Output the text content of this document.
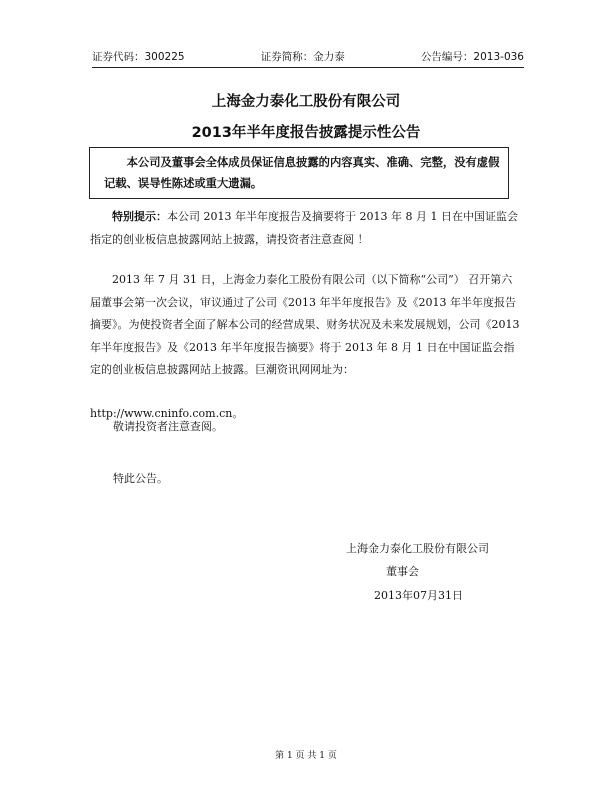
证券代码：300225	证券简称：金力泰	公告编号：2013-036
上海金力泰化工股份有限公司
2013年半年度报告披露提示性公告
本公司及董事会全体成员保证信息披露的内容真实、准确、完整，没有虚假记载、误导性陈述或重大遗漏。
特别提示：本公司 2013 年半年度报告及摘要将于 2013 年 8 月 1 日在中国证监会指定的创业板信息披露网站上披露，请投资者注意查阅 ！
2013 年 7 月 31 日，上海金力泰化工股份有限公司（以下简称“公司”） 召开第六届董事会第一次会议，审议通过了公司《2013 年半年度报告》及《2013 年半年度报告摘要》。为使投资者全面了解本公司的经营成果、财务状况及未来发展规划，公司《2013 年半年度报告》及《2013 年半年度报告摘要》将于 2013 年 8 月 1 日在中国证监会指定的创业板信息披露网站上披露。巨潮资讯网网址为：
http://www.cninfo.com.cn。
敬请投资者注意查阅。
特此公告。
上海金力泰化工股份有限公司
董事会
2013年07月31日
第 1 页 共 1 页
